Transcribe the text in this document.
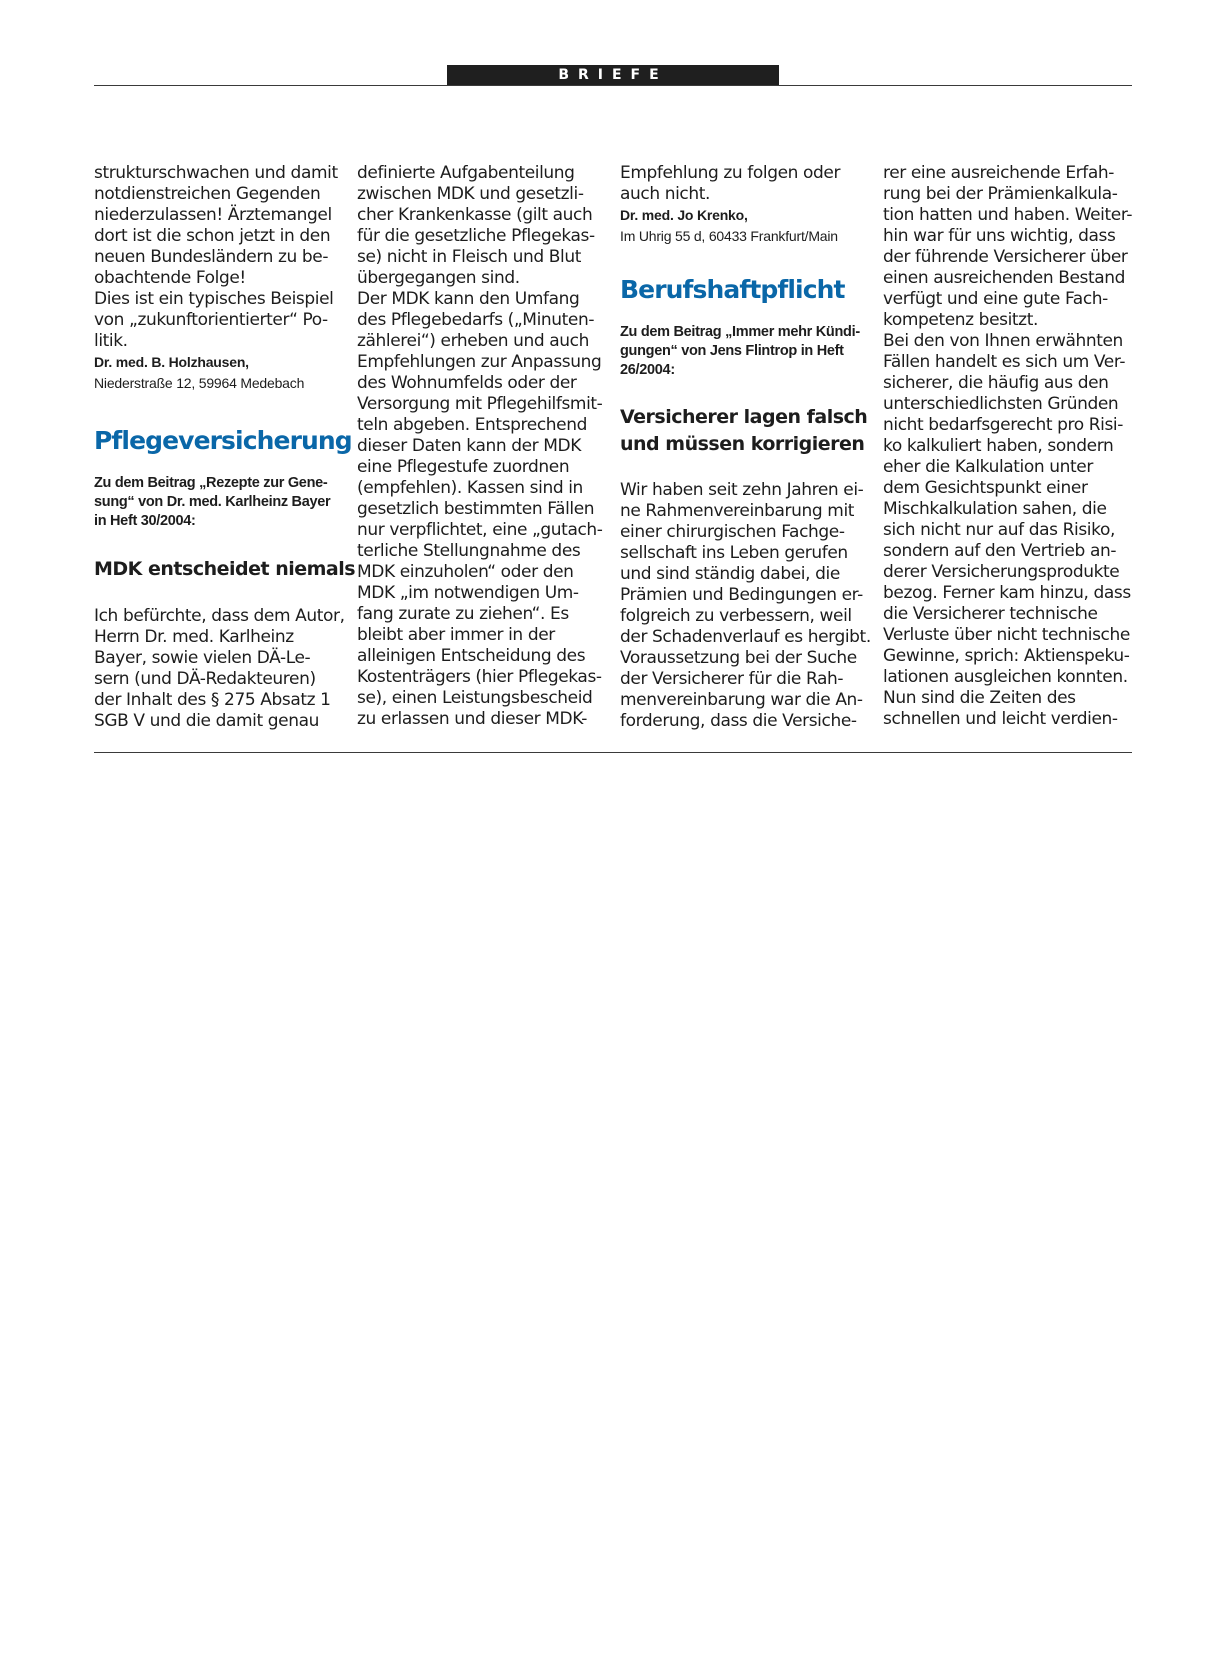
BRIEFE
strukturschwachen und damit
notdienstreichen Gegenden
niederzulassen! Ärztemangel
dort ist die schon jetzt in den
neuen Bundesländern zu be-
obachtende Folge!
Dies ist ein typisches Beispiel
von „zukunftorientierter“ Po-
litik.
Dr. med. B. Holzhausen,
Niederstraße 12, 59964 Medebach
Pflegeversicherung
Zu dem Beitrag „Rezepte zur Gene-
sung“ von Dr. med. Karlheinz Bayer
in Heft 30/2004:
MDK entscheidet niemals
Ich befürchte, dass dem Autor,
Herrn Dr. med. Karlheinz
Bayer, sowie vielen DÄ-Le-
sern (und DÄ-Redakteuren)
der Inhalt des § 275 Absatz 1
SGB V und die damit genau
definierte Aufgabenteilung
zwischen MDK und gesetzli-
cher Krankenkasse (gilt auch
für die gesetzliche Pflegekas-
se) nicht in Fleisch und Blut
übergegangen sind.
Der MDK kann den Umfang
des Pflegebedarfs („Minuten-
zählerei“) erheben und auch
Empfehlungen zur Anpassung
des Wohnumfelds oder der
Versorgung mit Pflegehilfsmit-
teln abgeben. Entsprechend
dieser Daten kann der MDK
eine Pflegestufe zuordnen
(empfehlen). Kassen sind in
gesetzlich bestimmten Fällen
nur verpflichtet, eine „gutach-
terliche Stellungnahme des
MDK einzuholen“ oder den
MDK „im notwendigen Um-
fang zurate zu ziehen“. Es
bleibt aber immer in der
alleinigen Entscheidung des
Kostenträgers (hier Pflegekas-
se), einen Leistungsbescheid
zu erlassen und dieser MDK-
Empfehlung zu folgen oder
auch nicht.
Dr. med. Jo Krenko,
Im Uhrig 55 d, 60433 Frankfurt/Main
Berufshaftpflicht
Zu dem Beitrag „Immer mehr Kündi-
gungen“ von Jens Flintrop in Heft
26/2004:
Versicherer lagen falsch
und müssen korrigieren
Wir haben seit zehn Jahren ei-
ne Rahmenvereinbarung mit
einer chirurgischen Fachge-
sellschaft ins Leben gerufen
und sind ständig dabei, die
Prämien und Bedingungen er-
folgreich zu verbessern, weil
der Schadenverlauf es hergibt.
Voraussetzung bei der Suche
der Versicherer für die Rah-
menvereinbarung war die An-
forderung, dass die Versiche-
rer eine ausreichende Erfah-
rung bei der Prämienkalkula-
tion hatten und haben. Weiter-
hin war für uns wichtig, dass
der führende Versicherer über
einen ausreichenden Bestand
verfügt und eine gute Fach-
kompetenz besitzt.
Bei den von Ihnen erwähnten
Fällen handelt es sich um Ver-
sicherer, die häufig aus den
unterschiedlichsten Gründen
nicht bedarfsgerecht pro Risi-
ko kalkuliert haben, sondern
eher die Kalkulation unter
dem Gesichtspunkt einer
Mischkalkulation sahen, die
sich nicht nur auf das Risiko,
sondern auf den Vertrieb an-
derer Versicherungsprodukte
bezog. Ferner kam hinzu, dass
die Versicherer technische
Verluste über nicht technische
Gewinne, sprich: Aktienspeku-
lationen ausgleichen konnten.
Nun sind die Zeiten des
schnellen und leicht verdien-
